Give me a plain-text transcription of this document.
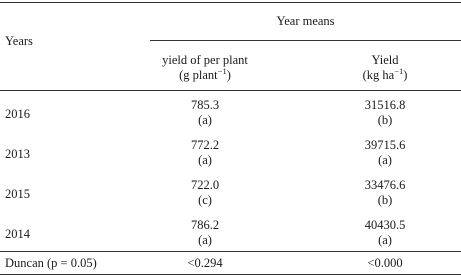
Years
Year means
yield of per plant
(g plant$^{-1}$)
Yield
(kg $ha^{-1}$)
2016
785.3
(a)
31516.8
(b)
2013
772.2
(a)
39715.6
(a)
2015
722.0
(c)
33476.6
(b)
2014
786.2
(a)
40430.5
(a)
Duncan (p = 0.05)	<0.294	<0.000
